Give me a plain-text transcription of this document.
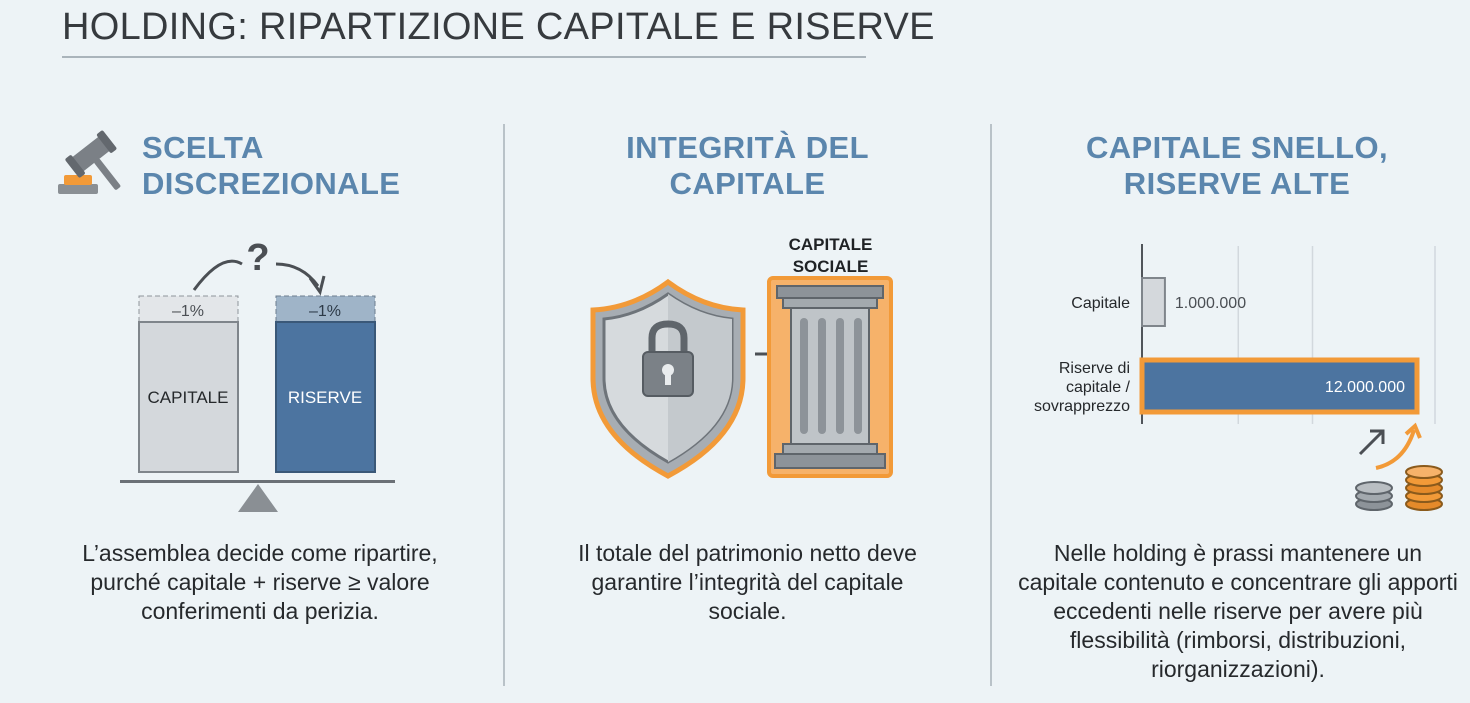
HOLDING: RIPARTIZIONE CAPITALE E RISERVE
SCELTA
DISCREZIONALE
?
–1%
CAPITALE
–1%
RISERVE

L’assemblea decide come ripartire, purché capitale + riserve ≥ valore conferimenti da perizia.

INTEGRITÀ DEL
CAPITALE
CAPITALE
SOCIALE

Il totale del patrimonio netto deve garantire l’integrità del capitale sociale.

CAPITALE SNELLO,
RISERVE ALTE
Capitale	1.000.000
Riserve di
capitale /
sovrapprezzo
12.000.000

Nelle holding è prassi mantenere un capitale contenuto e concentrare gli apporti eccedenti nelle riserve per avere più flessibilità (rimborsi, distribuzioni, riorganizzazioni).
